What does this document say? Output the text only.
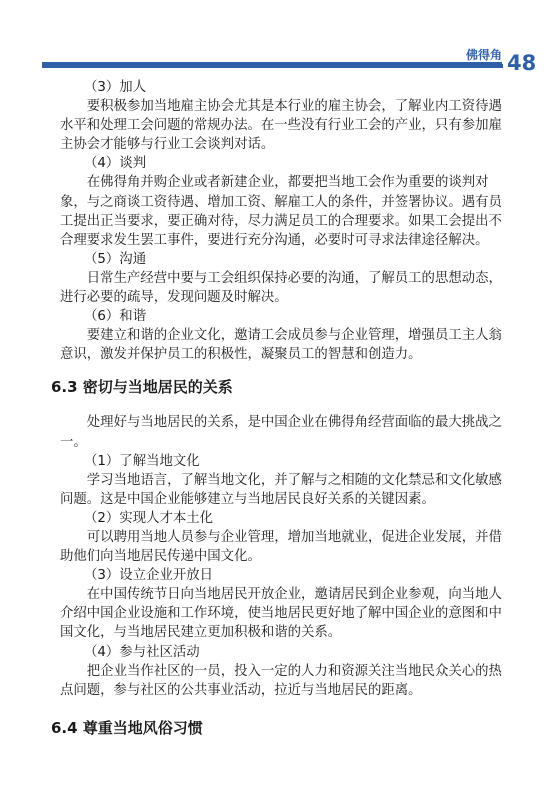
佛得角 48

（3）加人

要积极参加当地雇主协会尤其是本行业的雇主协会，了解业内工资待遇水平和处理工会问题的常规办法。在一些没有行业工会的产业，只有参加雇主协会才能够与行业工会谈判对话。

（4）谈判

在佛得角并购企业或者新建企业，都要把当地工会作为重要的谈判对象，与之商谈工资待遇、增加工资、解雇工人的条件，并签署协议。遇有员工提出正当要求，要正确对待，尽力满足员工的合理要求。如果工会提出不合理要求发生罢工事件，要进行充分沟通，必要时可寻求法律途径解决。

（5）沟通

日常生产经营中要与工会组织保持必要的沟通，了解员工的思想动态，进行必要的疏导，发现问题及时解决。

（6）和谐

要建立和谐的企业文化，邀请工会成员参与企业管理，增强员工主人翁意识，激发并保护员工的积极性，凝聚员工的智慧和创造力。

6.3 密切与当地居民的关系

处理好与当地居民的关系，是中国企业在佛得角经营面临的最大挑战之一。

（1）了解当地文化

学习当地语言，了解当地文化，并了解与之相随的文化禁忌和文化敏感问题。这是中国企业能够建立与当地居民良好关系的关键因素。

（2）实现人才本土化

可以聘用当地人员参与企业管理，增加当地就业，促进企业发展，并借助他们向当地居民传递中国文化。

（3）设立企业开放日

在中国传统节日向当地居民开放企业，邀请居民到企业参观，向当地人介绍中国企业设施和工作环境，使当地居民更好地了解中国企业的意图和中国文化，与当地居民建立更加积极和谐的关系。

（4）参与社区活动

把企业当作社区的一员，投入一定的人力和资源关注当地民众关心的热点问题，参与社区的公共事业活动，拉近与当地居民的距离。

6.4 尊重当地风俗习惯
